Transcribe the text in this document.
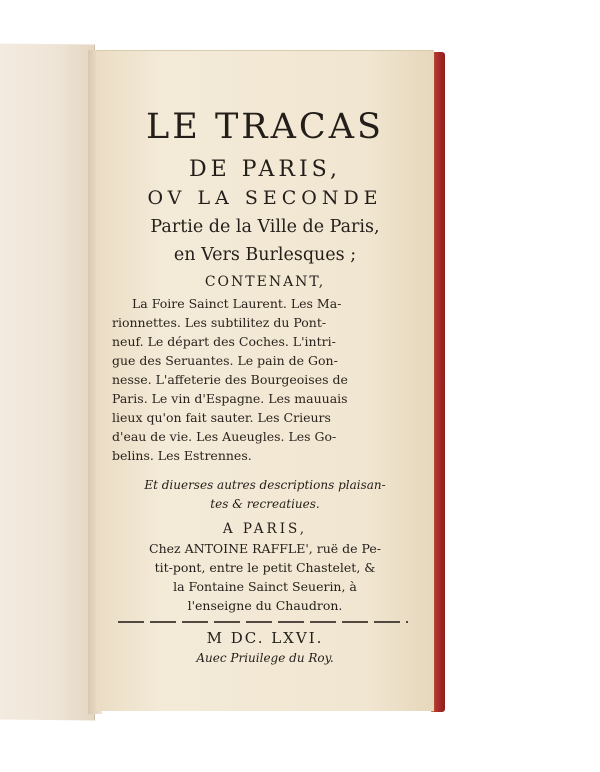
LE TRACAS
DE PARIS,
OV LA SECONDE
Partie de la Ville de Paris,
en Vers Burlesques ;
CONTENANT,
La Foire Sainct Laurent. Les Ma-
rionnettes. Les subtilitez du Pont-
neuf. Le départ des Coches. L'intri-
gue des Seruantes. Le pain de Gon-
nesse. L'affeterie des Bourgeoises de
Paris. Le vin d'Espagne. Les mauuais
lieux qu'on fait sauter. Les Crieurs
d'eau de vie. Les Aueugles. Les Go-
belins. Les Estrennes.
Et diuerses autres descriptions plaisan-
tes & recreatiues.
A PARIS,
Chez ANTOINE RAFFLE', ruë de Pe-
tit-pont, entre le petit Chastelet, &
la Fontaine Sainct Seuerin, à
l'enseigne du Chaudron.
M DC. LXVI.
Auec Priuilege du Roy.
